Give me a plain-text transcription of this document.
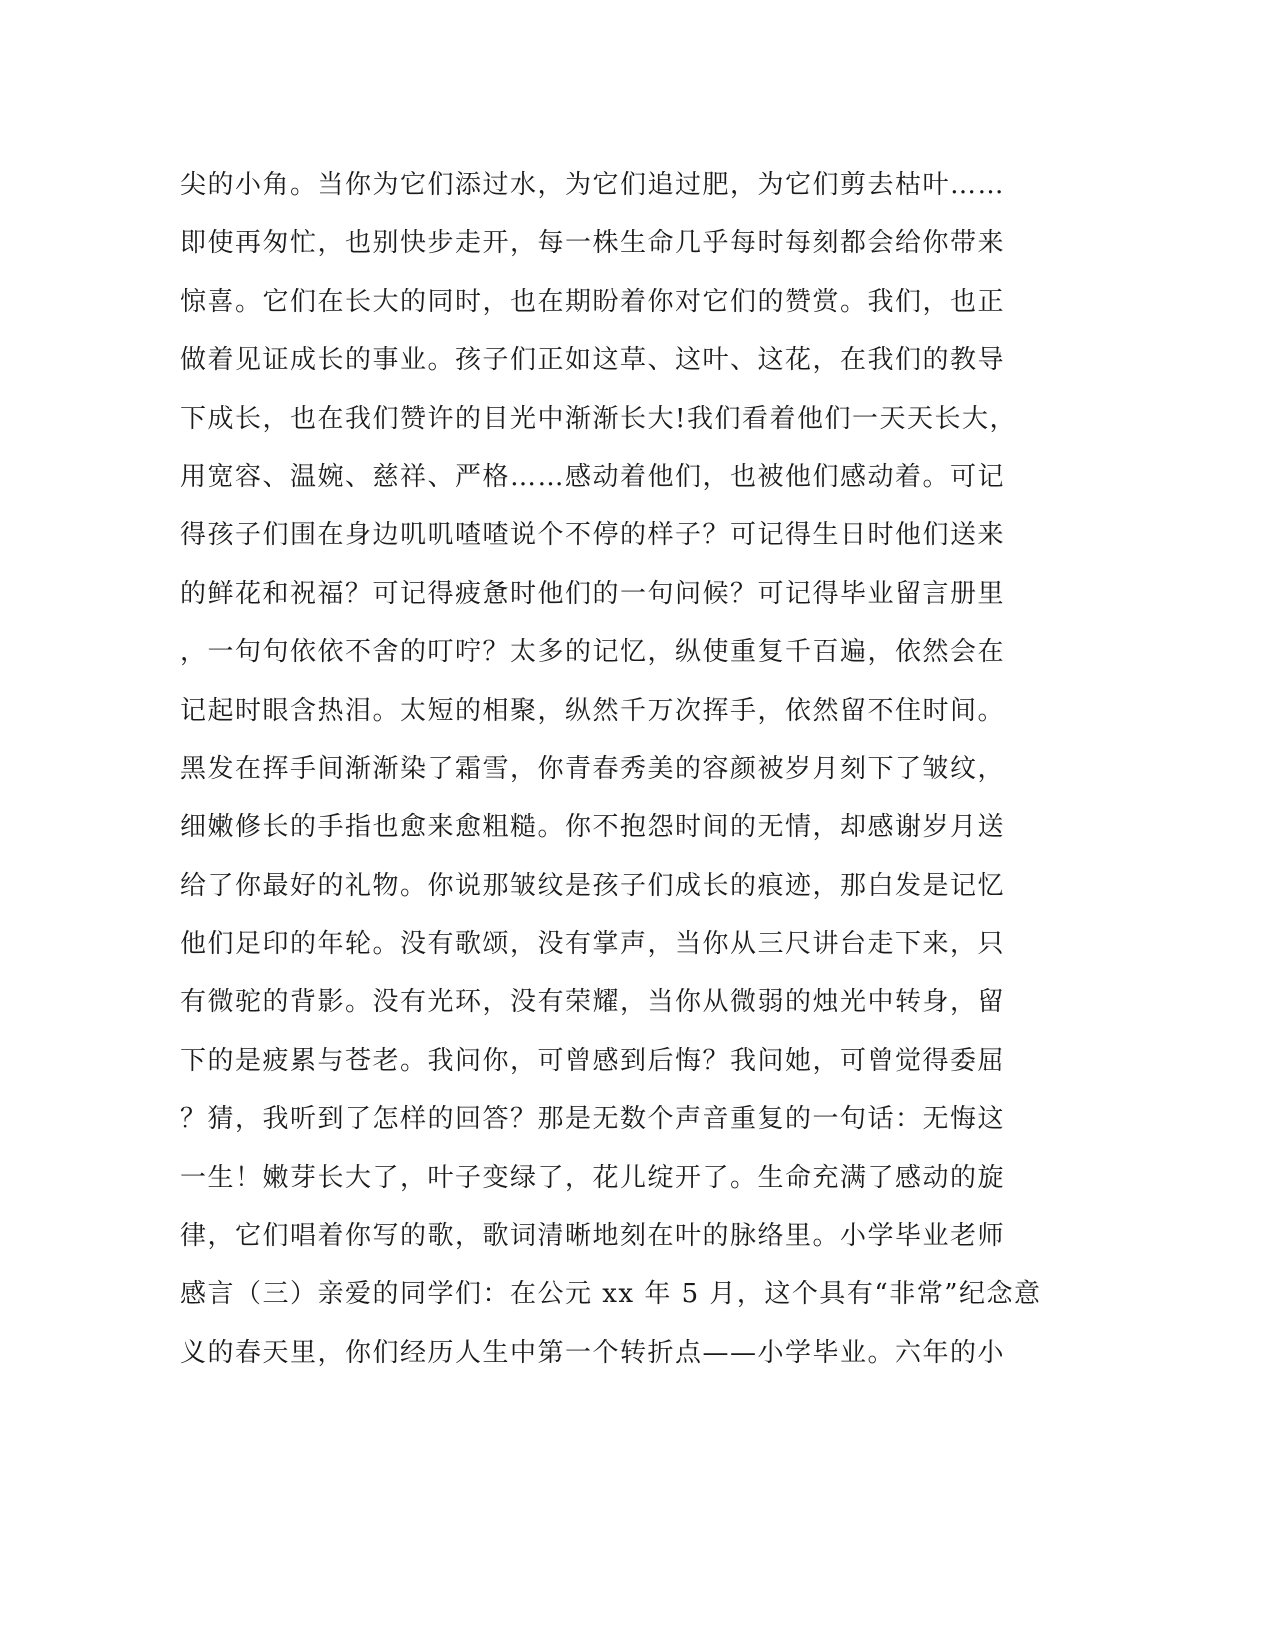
尖的小角。当你为它们添过水，为它们追过肥，为它们剪去枯叶……
即使再匆忙，也别快步走开，每一株生命几乎每时每刻都会给你带来
惊喜。它们在长大的同时，也在期盼着你对它们的赞赏。我们，也正
做着见证成长的事业。孩子们正如这草、这叶、这花，在我们的教导
下成长，也在我们赞许的目光中渐渐长大!我们看着他们一天天长大，
用宽容、温婉、慈祥、严格……感动着他们，也被他们感动着。可记
得孩子们围在身边叽叽喳喳说个不停的样子？可记得生日时他们送来
的鲜花和祝福？可记得疲惫时他们的一句问候？可记得毕业留言册里
，一句句依依不舍的叮咛？太多的记忆，纵使重复千百遍，依然会在
记起时眼含热泪。太短的相聚，纵然千万次挥手，依然留不住时间。
黑发在挥手间渐渐染了霜雪，你青春秀美的容颜被岁月刻下了皱纹，
细嫩修长的手指也愈来愈粗糙。你不抱怨时间的无情，却感谢岁月送
给了你最好的礼物。你说那皱纹是孩子们成长的痕迹，那白发是记忆
他们足印的年轮。没有歌颂，没有掌声，当你从三尺讲台走下来，只
有微驼的背影。没有光环，没有荣耀，当你从微弱的烛光中转身，留
下的是疲累与苍老。我问你，可曾感到后悔？我问她，可曾觉得委屈
？猜，我听到了怎样的回答？那是无数个声音重复的一句话：无悔这
一生！嫩芽长大了，叶子变绿了，花儿绽开了。生命充满了感动的旋
律，它们唱着你写的歌，歌词清晰地刻在叶的脉络里。小学毕业老师
感言（三）亲爱的同学们：在公元 xx 年 5 月，这个具有“非常”纪念意
义的春天里，你们经历人生中第一个转折点——小学毕业。六年的小
